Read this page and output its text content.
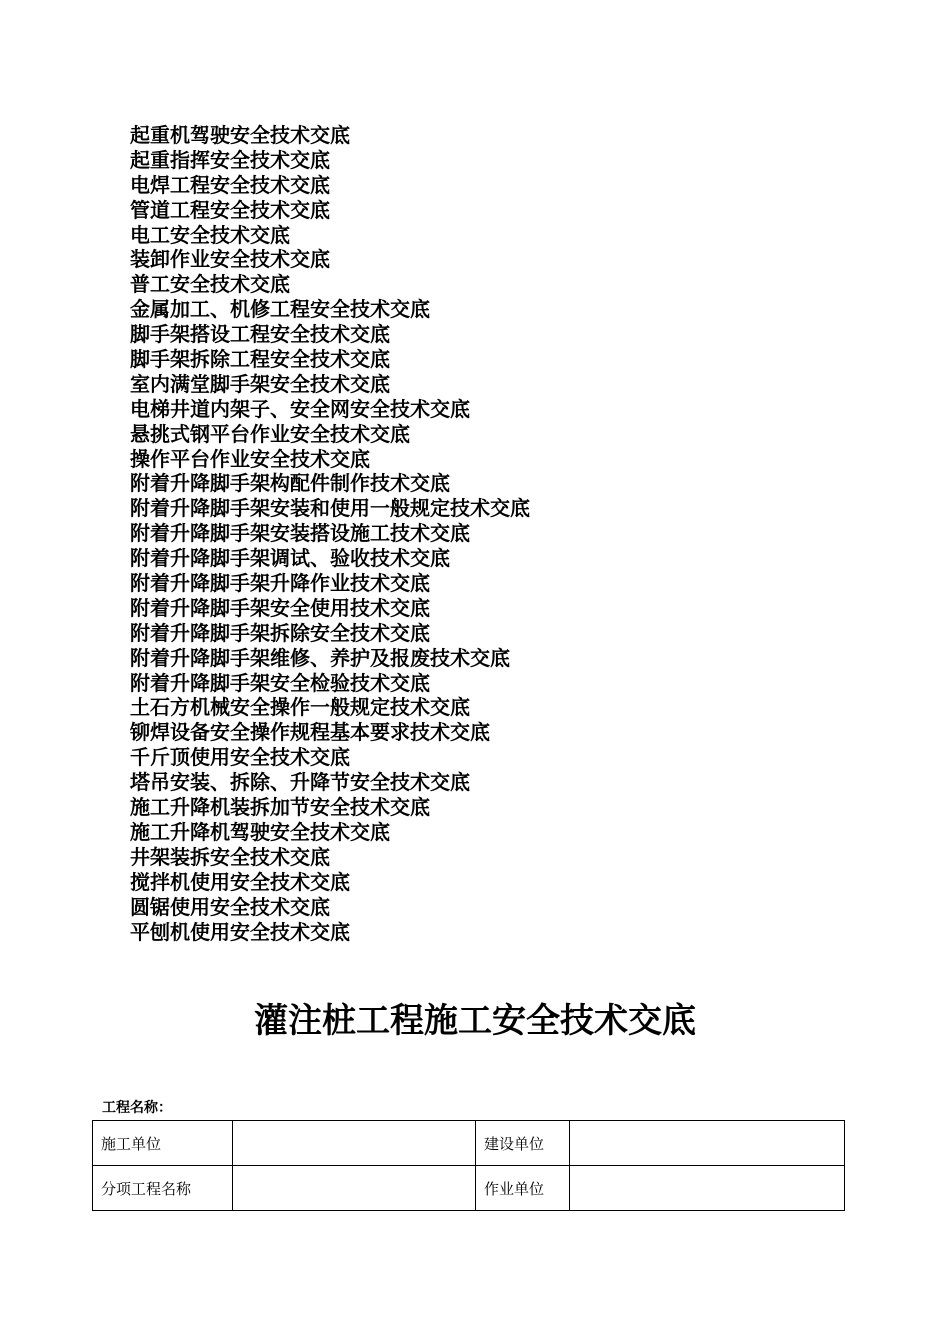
起重机驾驶安全技术交底
起重指挥安全技术交底
电焊工程安全技术交底
管道工程安全技术交底
电工安全技术交底
装卸作业安全技术交底
普工安全技术交底
金属加工、机修工程安全技术交底
脚手架搭设工程安全技术交底
脚手架拆除工程安全技术交底
室内满堂脚手架安全技术交底
电梯井道内架子、安全网安全技术交底
悬挑式钢平台作业安全技术交底
操作平台作业安全技术交底
附着升降脚手架构配件制作技术交底
附着升降脚手架安装和使用一般规定技术交底
附着升降脚手架安装搭设施工技术交底
附着升降脚手架调试、验收技术交底
附着升降脚手架升降作业技术交底
附着升降脚手架安全使用技术交底
附着升降脚手架拆除安全技术交底
附着升降脚手架维修、养护及报废技术交底
附着升降脚手架安全检验技术交底
土石方机械安全操作一般规定技术交底
铆焊设备安全操作规程基本要求技术交底
千斤顶使用安全技术交底
塔吊安装、拆除、升降节安全技术交底
施工升降机装拆加节安全技术交底
施工升降机驾驶安全技术交底
井架装拆安全技术交底
搅拌机使用安全技术交底
圆锯使用安全技术交底
平刨机使用安全技术交底
灌注桩工程施工安全技术交底
工程名称：
施工单位		建设单位	
分项工程名称		作业单位	
